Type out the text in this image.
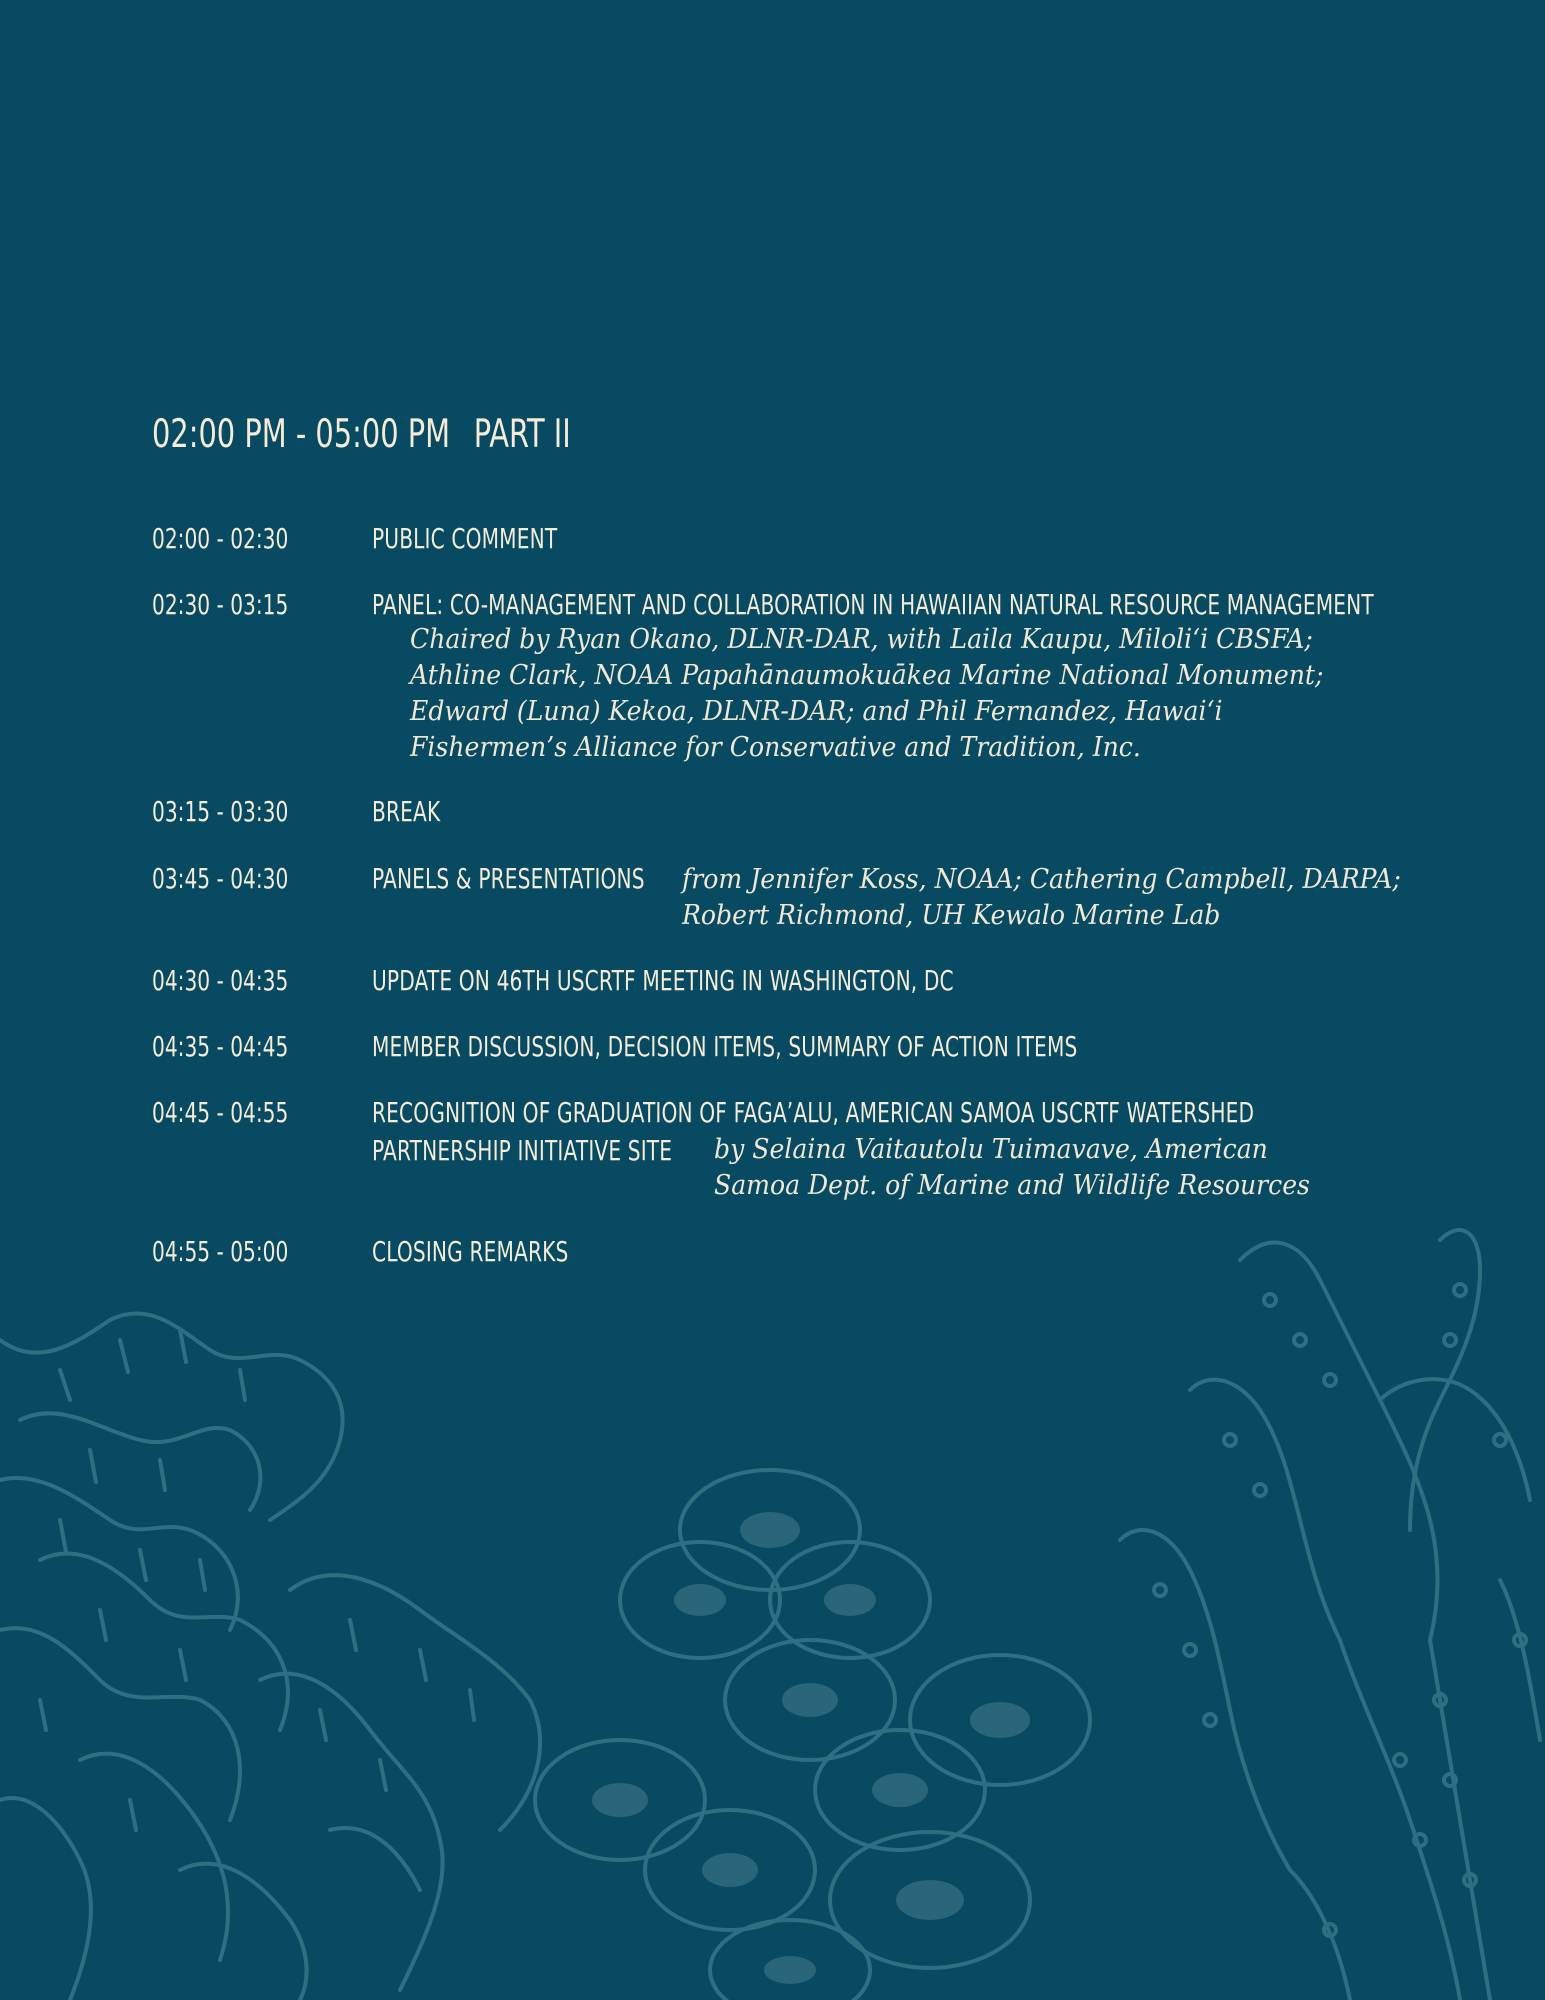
02:00 PM - 05:00 PM PART II
02:00 - 02:30	PUBLIC COMMENT
02:30 - 03:15	PANEL: CO-MANAGEMENT AND COLLABORATION IN HAWAIIAN NATURAL RESOURCE MANAGEMENT
Chaired by Ryan Okano, DLNR-DAR, with Laila Kaupu, Miloliʻi CBSFA;
Athline Clark, NOAA Papahānaumokuākea Marine National Monument;
Edward (Luna) Kekoa, DLNR-DAR; and Phil Fernandez, Hawaiʻi
Fishermen’s Alliance for Conservative and Tradition, Inc.
03:15 - 03:30	BREAK
03:45 - 04:30	PANELS & PRESENTATIONS from Jennifer Koss, NOAA; Cathering Campbell, DARPA;
Robert Richmond, UH Kewalo Marine Lab
04:30 - 04:35	UPDATE ON 46TH USCRTF MEETING IN WASHINGTON, DC
04:35 - 04:45	MEMBER DISCUSSION, DECISION ITEMS, SUMMARY OF ACTION ITEMS
04:45 - 04:55	RECOGNITION OF GRADUATION OF FAGA’ALU, AMERICAN SAMOA USCRTF WATERSHED
PARTNERSHIP INITIATIVE SITE by Selaina Vaitautolu Tuimavave, American
Samoa Dept. of Marine and Wildlife Resources
04:55 - 05:00	CLOSING REMARKS
